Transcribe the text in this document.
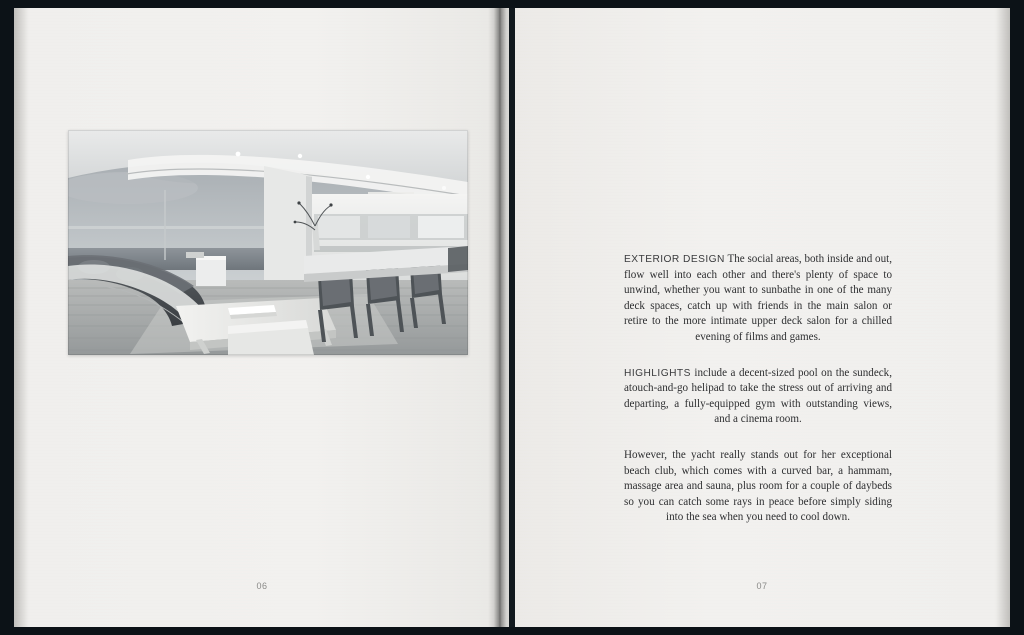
06

EXTERIOR DESIGN The social areas, both inside and out, flow well into each other and there's plenty of space to unwind, whether you want to sunbathe in one of the many deck spaces, catch up with friends in the main salon or retire to the more intimate upper deck salon for a chilled evening of films and games.

HIGHLIGHTS include a decent-sized pool on the sundeck, atouch-and-go helipad to take the stress out of arriving and departing, a fully-equipped gym with outstanding views, and a cinema room.

However, the yacht really stands out for her exceptional beach club, which comes with a curved bar, a hammam, massage area and sauna, plus room for a couple of daybeds so you can catch some rays in peace before simply siding into the sea when you need to cool down.

07
